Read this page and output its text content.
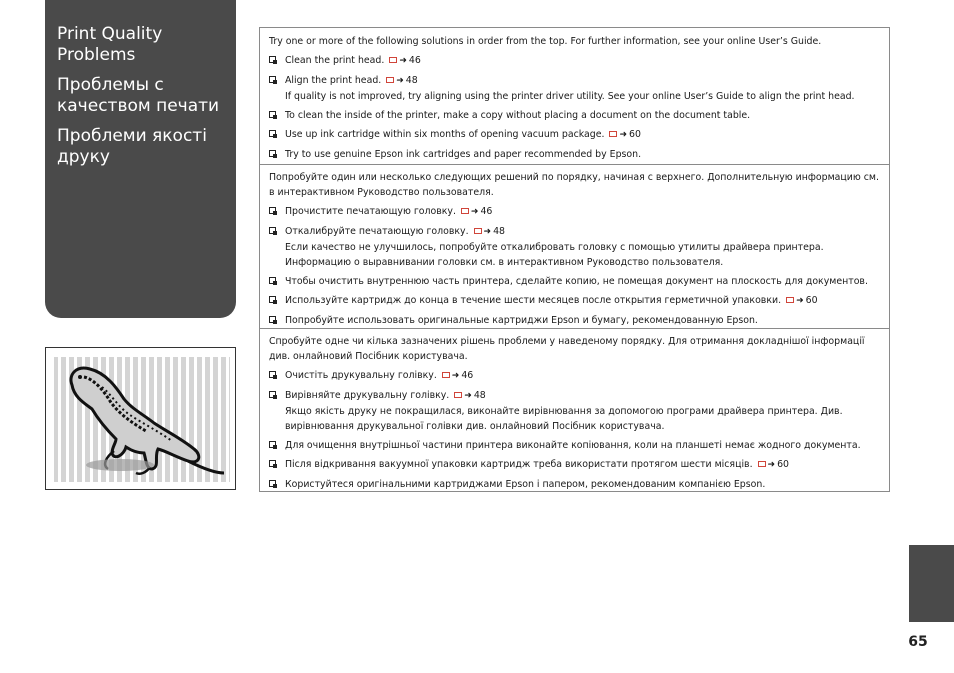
Print Quality Problems
Проблемы с качеством печати
Проблеми якості друку

Try one or more of the following solutions in order from the top. For further information, see your online User’s Guide.

Clean the print head. ➜ 46
Align the print head. ➜ 48
If quality is not improved, try aligning using the printer driver utility. See your online User’s Guide to align the print head.
To clean the inside of the printer, make a copy without placing a document on the document table.
Use up ink cartridge within six months of opening vacuum package. ➜ 60
Try to use genuine Epson ink cartridges and paper recommended by Epson.

Попробуйте один или несколько следующих решений по порядку, начиная с верхнего. Дополнительную информацию см. в интерактивном Руководство пользователя.

Прочистите печатающую головку. ➜ 46
Откалибруйте печатающую головку. ➜ 48
Если качество не улучшилось, попробуйте откалибровать головку с помощью утилиты драйвера принтера. Информацию о выравнивании головки см. в интерактивном Руководство пользователя.
Чтобы очистить внутреннюю часть принтера, сделайте копию, не помещая документ на плоскость для документов.
Используйте картридж до конца в течение шести месяцев после открытия герметичной упаковки. ➜ 60
Попробуйте использовать оригинальные картриджи Epson и бумагу, рекомендованную Epson.

Спробуйте одне чи кілька зазначених рішень проблеми у наведеному порядку. Для отримання докладнішої інформації див. онлайновий Посібник користувача.

Очистіть друкувальну голівку. ➜ 46
Вирівняйте друкувальну голівку. ➜ 48
Якщо якість друку не покращилася, виконайте вирівнювання за допомогою програми драйвера принтера. Див. вирівнювання друкувальної голівки див. онлайновий Посібник користувача.
Для очищення внутрішньої частини принтера виконайте копіювання, коли на планшеті немає жодного документа.
Після відкривання вакуумної упаковки картридж треба використати протягом шести місяців. ➜ 60
Користуйтеся оригінальними картриджами Epson і папером, рекомендованим компанією Epson.
65
